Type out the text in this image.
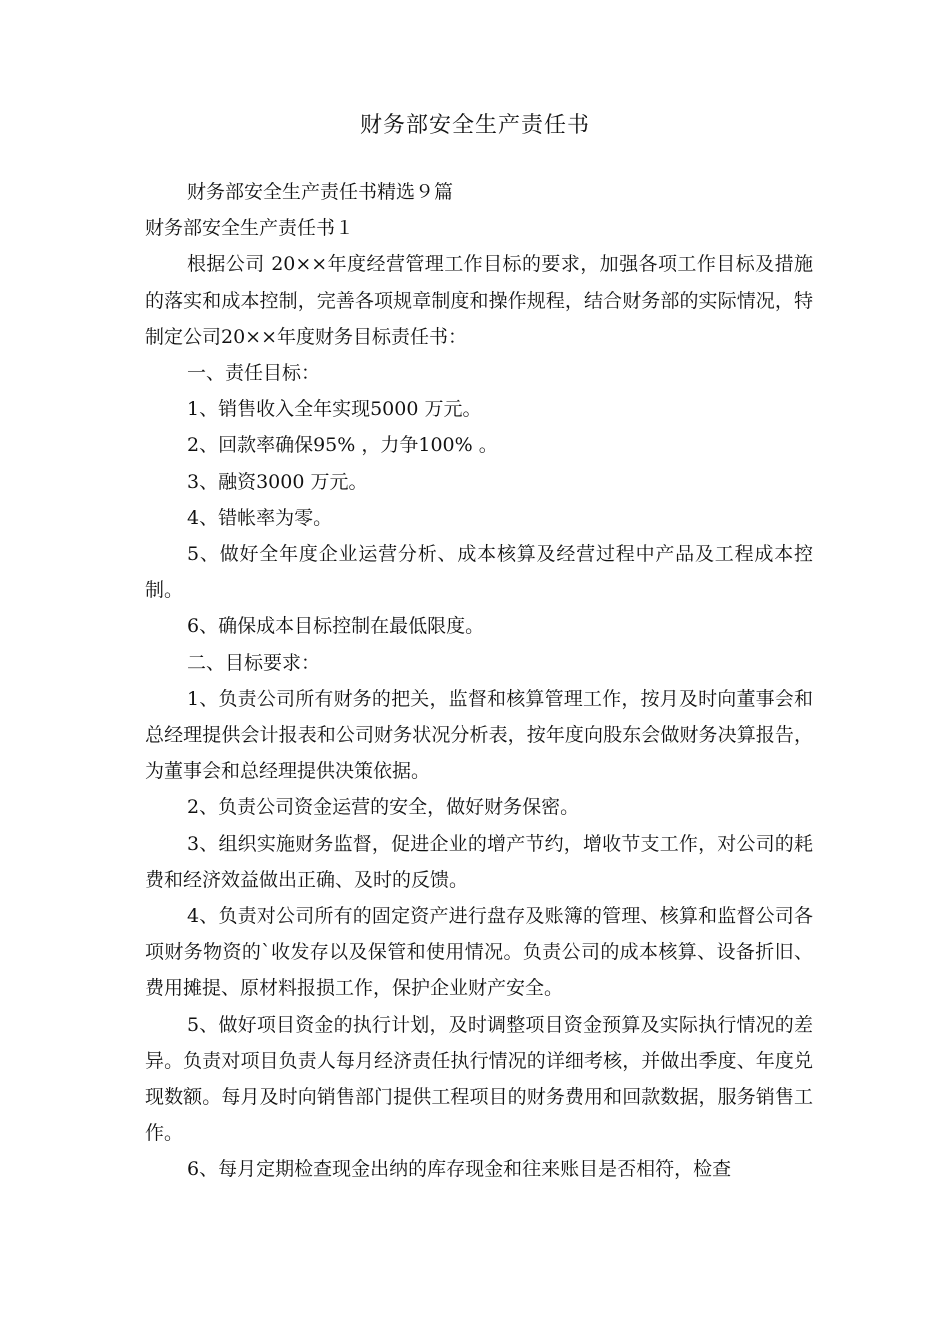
财务部安全生产责任书

财务部安全生产责任书精选９篇

财务部安全生产责任书１

根据公司 20××年度经营管理工作目标的要求，加强各项工作目标及措施的落实和成本控制，完善各项规章制度和操作规程，结合财务部的实际情况，特制定公司20××年度财务目标责任书：

一、责任目标：

1、销售收入全年实现5000 万元。

2、回款率确保95% ，力争100% 。

3、融资3000 万元。

4、错帐率为零。

5、做好全年度企业运营分析、成本核算及经营过程中产品及工程成本控制。

6、确保成本目标控制在最低限度。

二、目标要求：

1、负责公司所有财务的把关，监督和核算管理工作，按月及时向董事会和总经理提供会计报表和公司财务状况分析表，按年度向股东会做财务决算报告，为董事会和总经理提供决策依据。

2、负责公司资金运营的安全，做好财务保密。

3、组织实施财务监督，促进企业的增产节约，增收节支工作，对公司的耗费和经济效益做出正确、及时的反馈。

4、负责对公司所有的固定资产进行盘存及账簿的管理、核算和监督公司各项财务物资的`收发存以及保管和使用情况。负责公司的成本核算、设备折旧、费用摊提、原材料报损工作，保护企业财产安全。

5、做好项目资金的执行计划，及时调整项目资金预算及实际执行情况的差异。负责对项目负责人每月经济责任执行情况的详细考核，并做出季度、年度兑现数额。每月及时向销售部门提供工程项目的财务费用和回款数据，服务销售工作。

6、每月定期检查现金出纳的库存现金和往来账目是否相符，检查
